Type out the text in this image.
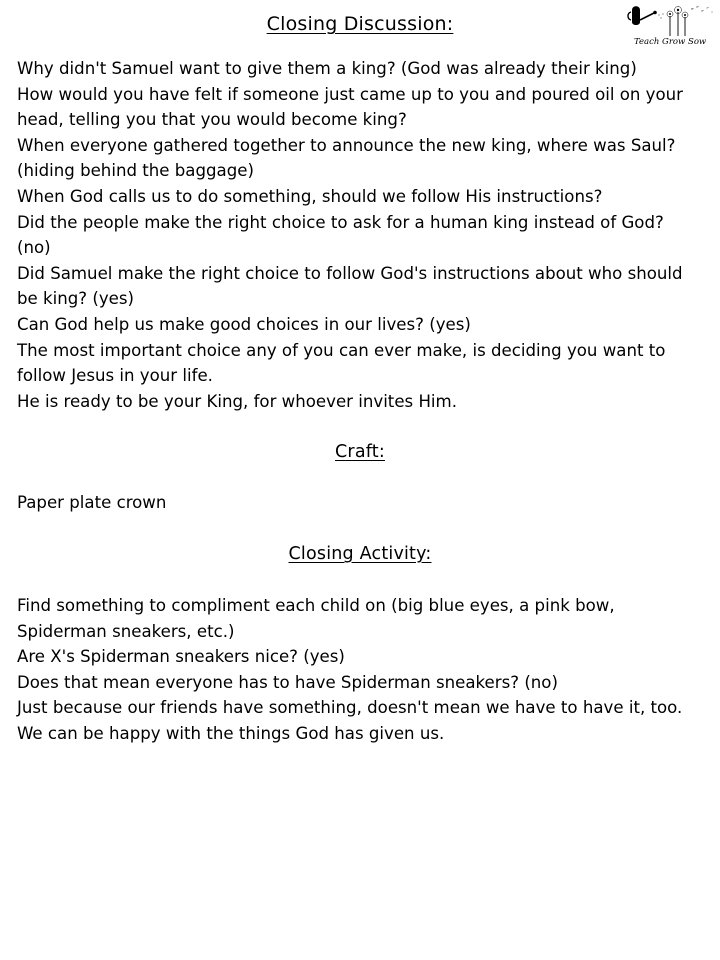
Teach Grow Sow
Closing Discussion:

Why didn't Samuel want to give them a king? (God was already their king)

How would you have felt if someone just came up to you and poured oil on your head, telling you that you would become king?

When everyone gathered together to announce the new king, where was Saul? (hiding behind the baggage)

When God calls us to do something, should we follow His instructions?

Did the people make the right choice to ask for a human king instead of God? (no)

Did Samuel make the right choice to follow God's instructions about who should be king? (yes)

Can God help us make good choices in our lives? (yes)

The most important choice any of you can ever make, is deciding you want to follow Jesus in your life.

He is ready to be your King, for whoever invites Him.

Craft:

Paper plate crown

Closing Activity:

Find something to compliment each child on (big blue eyes, a pink bow, Spiderman sneakers, etc.)

Are X's Spiderman sneakers nice? (yes)

Does that mean everyone has to have Spiderman sneakers? (no)

Just because our friends have something, doesn't mean we have to have it, too.

We can be happy with the things God has given us.
